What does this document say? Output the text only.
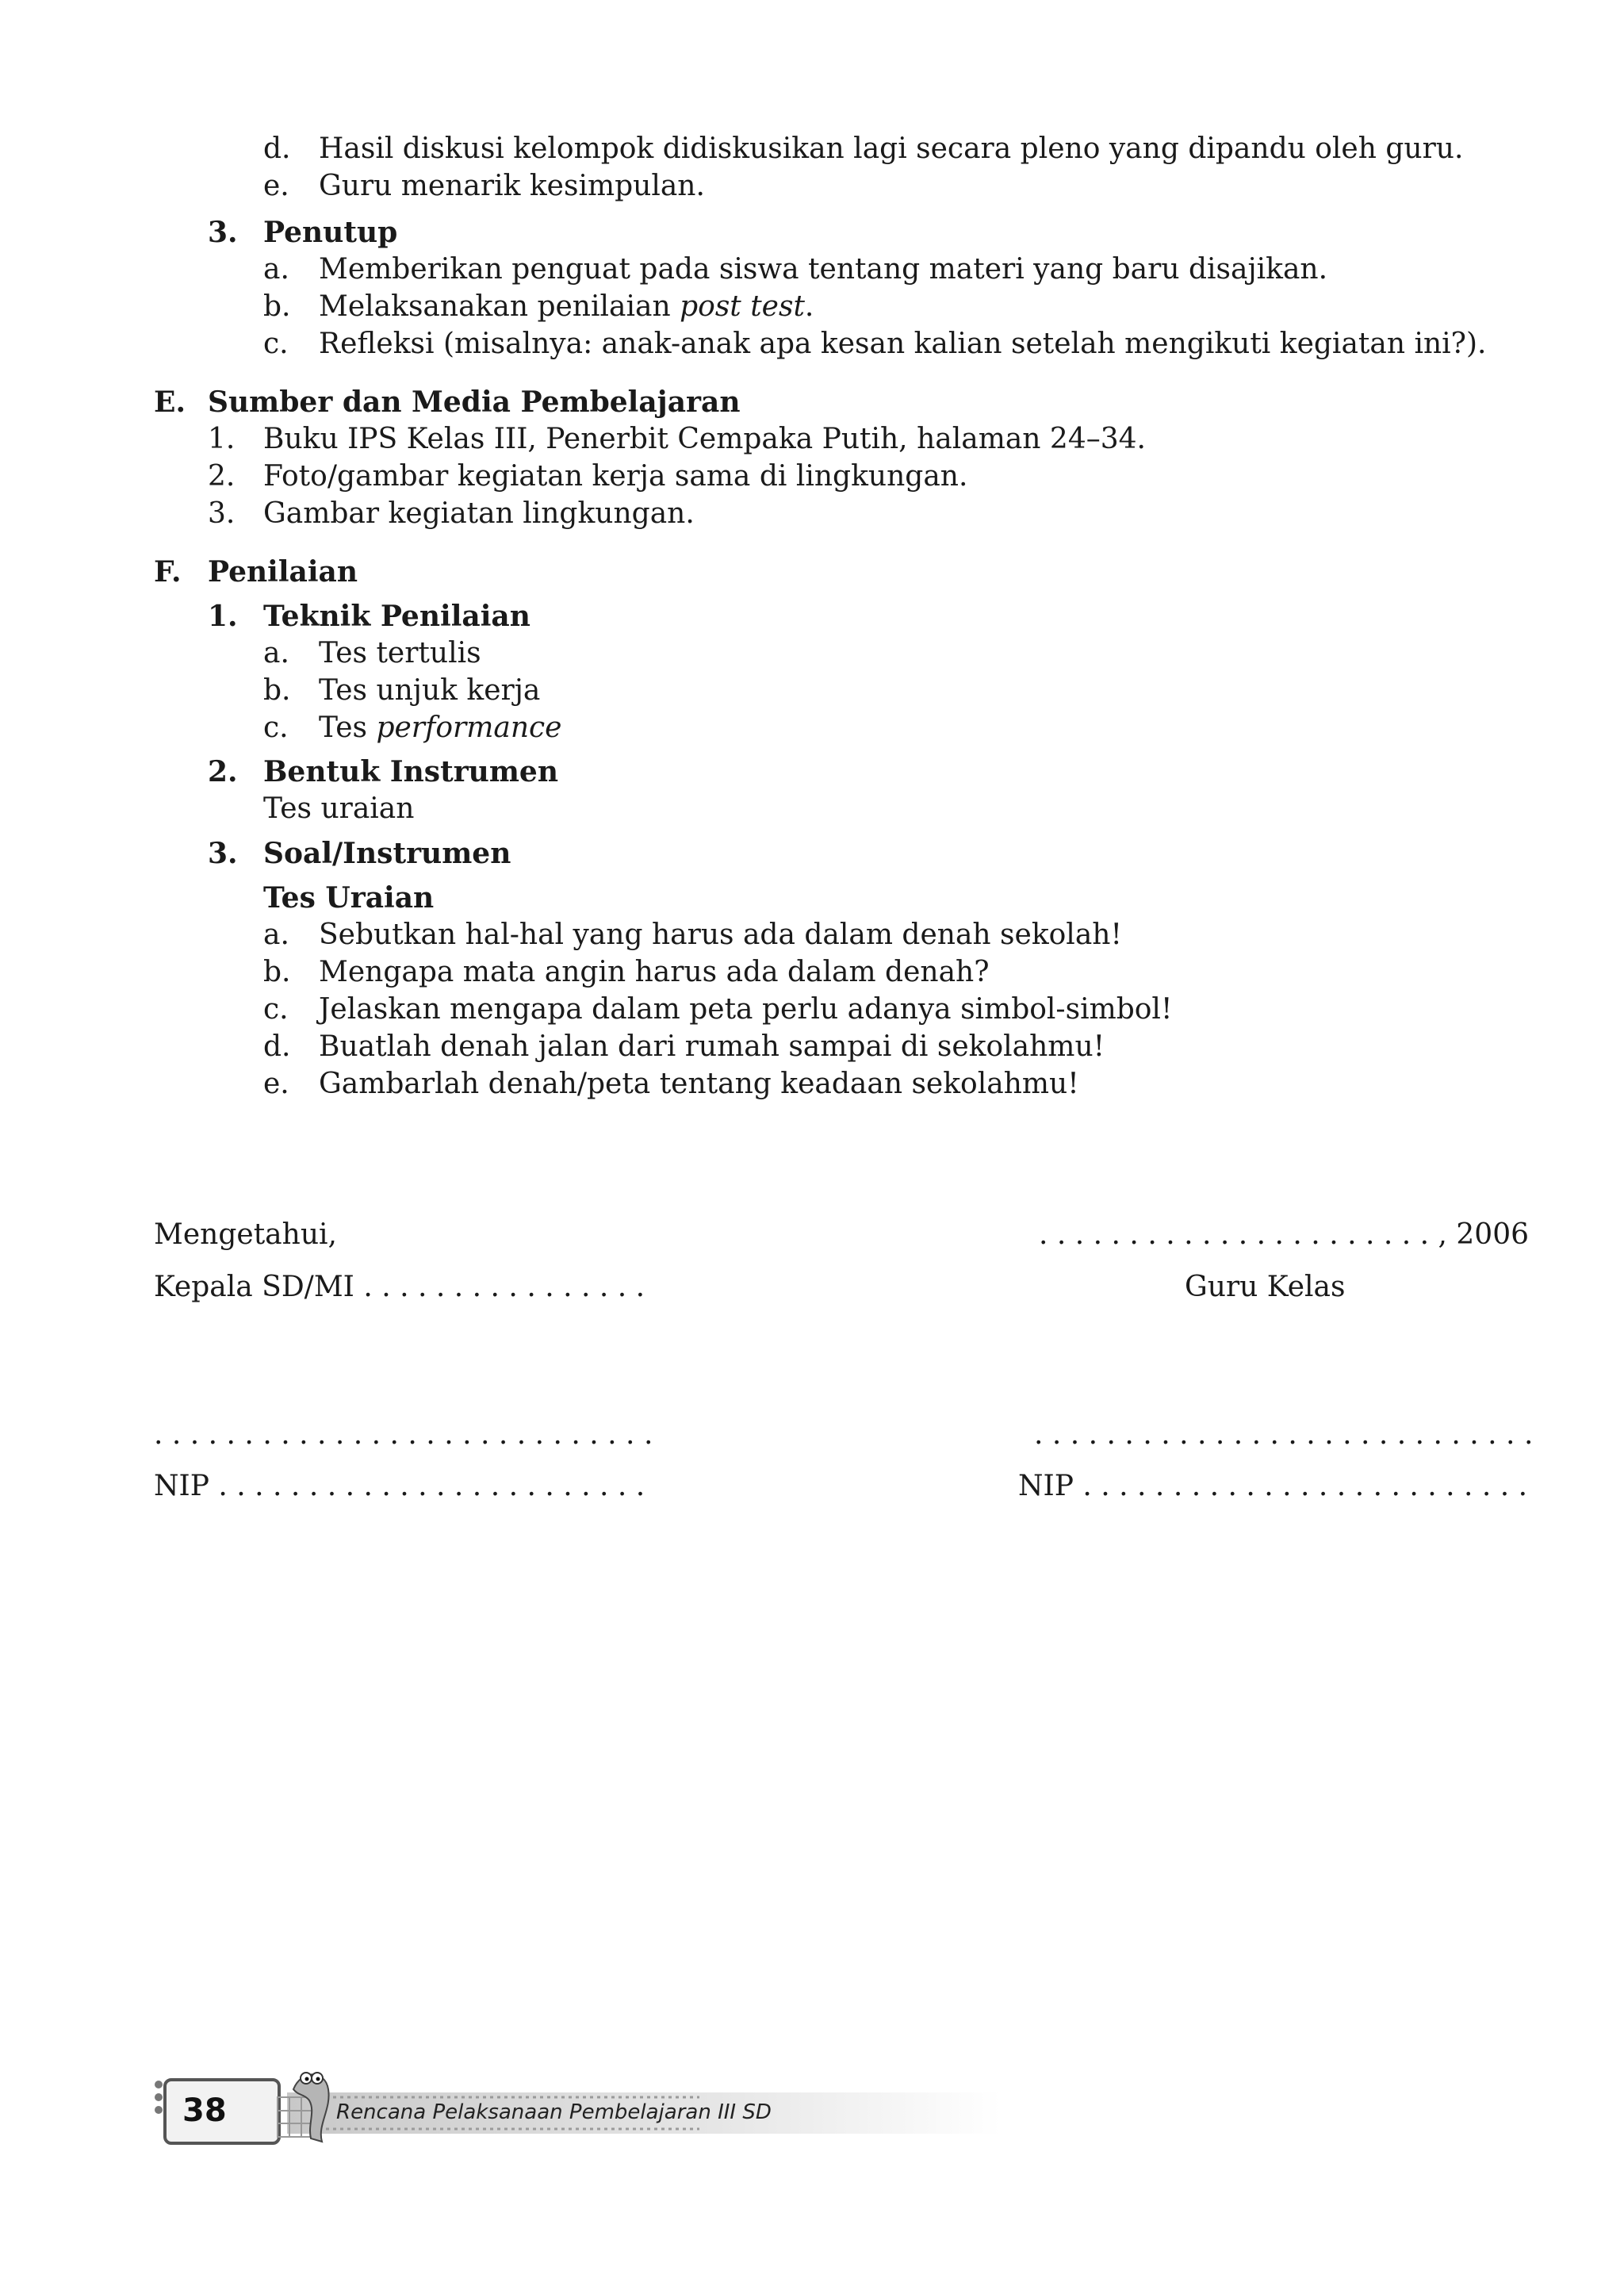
d. Hasil diskusi kelompok didiskusikan lagi secara pleno yang dipandu oleh guru.
e. Guru menarik kesimpulan.
3. Penutup
a. Memberikan penguat pada siswa tentang materi yang baru disajikan.
b. Melaksanakan penilaian post test.
c. Refleksi (misalnya: anak-anak apa kesan kalian setelah mengikuti kegiatan ini?).
E. Sumber dan Media Pembelajaran
1. Buku IPS Kelas III, Penerbit Cempaka Putih, halaman 24–34.
2. Foto/gambar kegiatan kerja sama di lingkungan.
3. Gambar kegiatan lingkungan.
F. Penilaian
1. Teknik Penilaian
a. Tes tertulis
b. Tes unjuk kerja
c. Tes performance
2. Bentuk Instrumen
Tes uraian
3. Soal/Instrumen
Tes Uraian
a. Sebutkan hal-hal yang harus ada dalam denah sekolah!
b. Mengapa mata angin harus ada dalam denah?
c. Jelaskan mengapa dalam peta perlu adanya simbol-simbol!
d. Buatlah denah jalan dari rumah sampai di sekolahmu!
e. Gambarlah denah/peta tentang keadaan sekolahmu!
Mengetahui,	. . . . . . . . . . . . . . . . . . . . . . , 2006
Kepala SD/MI . . . . . . . . . . . . . . . .	Guru Kelas
. . . . . . . . . . . . . . . . . . . . . . . . . . . .	. . . . . . . . . . . . . . . . . . . . . . . . . . . .
NIP . . . . . . . . . . . . . . . . . . . . . . . .	NIP . . . . . . . . . . . . . . . . . . . . . . . . .
38	Rencana Pelaksanaan Pembelajaran III SD
